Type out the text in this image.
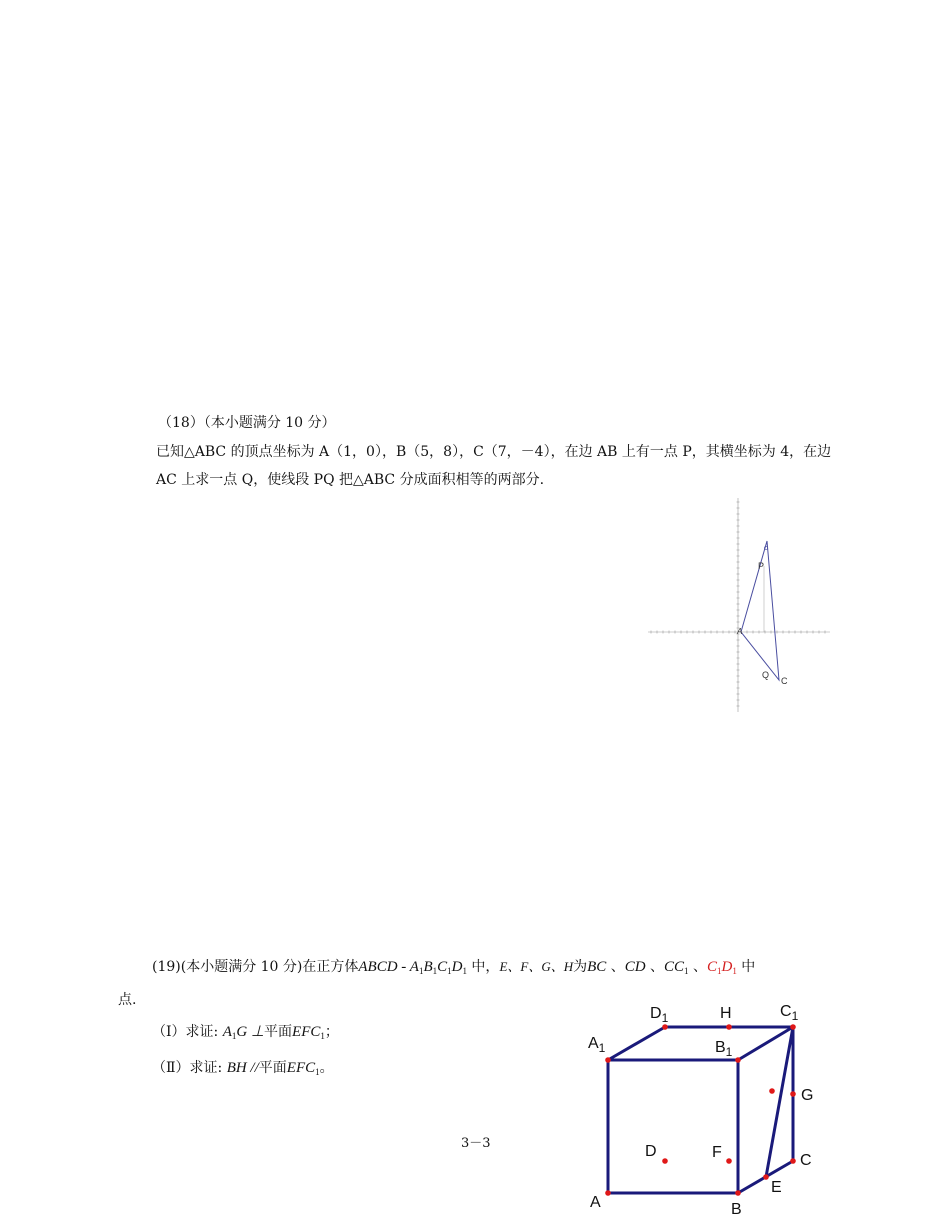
（18）（本小题满分 10 分）
已知△ABC 的顶点坐标为 A（1，0），B（5，8），C（7，－4），在边 AB 上有一点 P，其横坐标为 4，在边
AC 上求一点 Q，使线段 PQ 把△ABC 分成面积相等的两部分.
P
A
Q
C
(19)(本小题满分 10 分)在正方体ABCD - $A_1B_1C_1D_1$ 中，E、F、G、H为BC 、CD 、$CC_1$ 、$C_1D_1$ 中
点.
（Ⅰ）求证: $A_1G$ ⊥平面$EFC_1$；
（Ⅱ）求证: BH //平面$EFC_1$。
3－3
$D_1$	H	$C_1$
$A_1$	$B_1$
G
D	F	C
E
A	B
